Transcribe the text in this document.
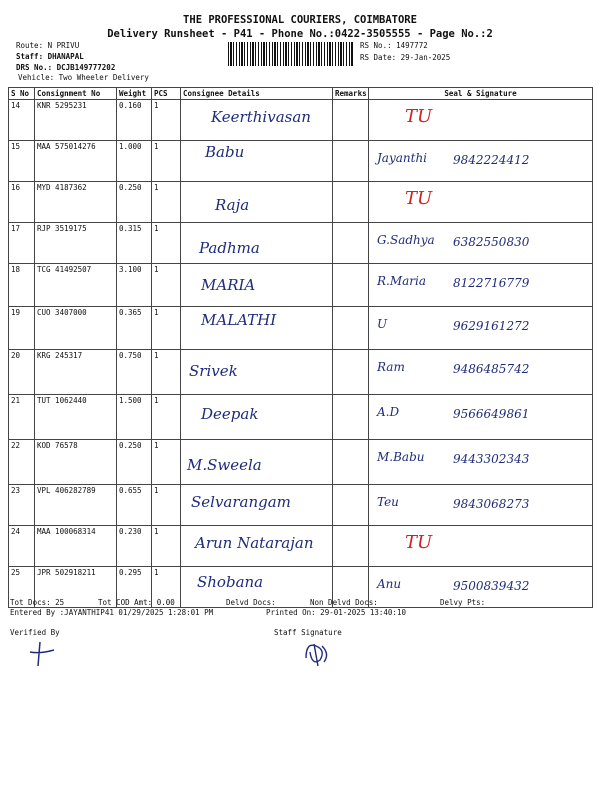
THE PROFESSIONAL COURIERS, COIMBATORE
Delivery Runsheet - P41 - Phone No.:0422-3505555 - Page No.:2
Route: N PRIVU
Staff: DHANAPAL
DRS No.: DCJB149777202
Vehicle: Two Wheeler Delivery
RS No.: 1497772
RS Date: 29-Jan-2025
S No	Consignment No	Weight	PCS	Consignee Details	Remarks	Seal & Signature
14	KNR 5295231	0.160	1	Keerthivasan		TU

15	MAA 575014276	1.000	1	Babu		Jayanthi 9842224412

16	MYD 4187362	0.250	1	Raja		TU

17	RJP 3519175	0.315	1	Padhma		G.Sadhya 6382550830

18	TCG 41492507	3.100	1	MARIA		R.Maria 8122716779

19	CUO 3407000	0.365	1	MALATHI		U 9629161272

20	KRG 245317	0.750	1	Srivek		Ram 9486485742

21	TUT 1062440	1.500	1	Deepak		A.D 9566649861

22	KOD 76578	0.250	1	M.Sweela		M.Babu 9443302343

23	VPL 406282789	0.655	1	Selvarangam		Teu 9843068273

24	MAA 100068314	0.230	1	Arun Natarajan		TU

25	JPR 502918211	0.295	1	Shobana		Anu 9500839432
Tot Docs: 25	Tot COD Amt: 0.00	Delvd Docs:	Non Delvd Docs:	Delvy Pts:
Entered By :JAYANTHIP41 01/29/2025 1:28:01 PM	Printed On: 29-01-2025 13:40:10
Verified By	Staff Signature
